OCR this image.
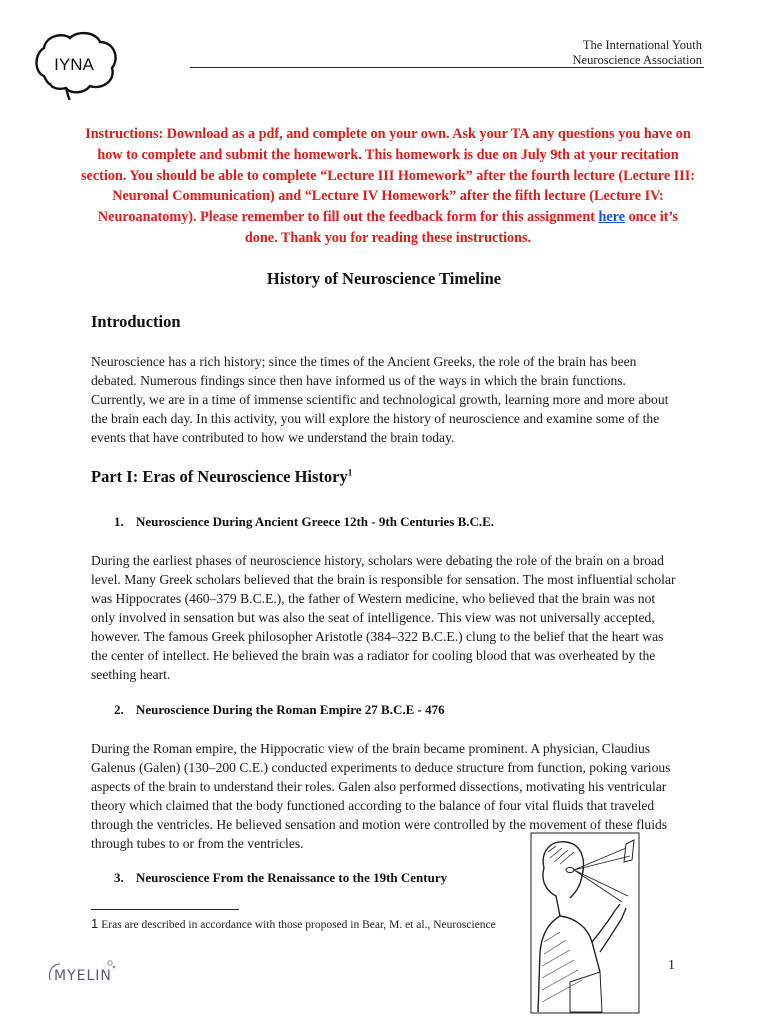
IYNA
The International Youth
Neuroscience Association
Instructions: Download as a pdf, and complete on your own. Ask your TA any questions you have on how to complete and submit the homework. This homework is due on July 9th at your recitation section. You should be able to complete “Lecture III Homework” after the fourth lecture (Lecture III: Neuronal Communication) and “Lecture IV Homework” after the fifth lecture (Lecture IV: Neuroanatomy). Please remember to fill out the feedback form for this assignment here once it’s done. Thank you for reading these instructions.
History of Neuroscience Timeline
Introduction
Neuroscience has a rich history; since the times of the Ancient Greeks, the role of the brain has been debated. Numerous findings since then have informed us of the ways in which the brain functions. Currently, we are in a time of immense scientific and technological growth, learning more and more about the brain each day. In this activity, you will explore the history of neuroscience and examine some of the events that have contributed to how we understand the brain today.
Part I: Eras of Neuroscience History$^1$
1. Neuroscience During Ancient Greece 12th - 9th Centuries B.C.E.
During the earliest phases of neuroscience history, scholars were debating the role of the brain on a broad level. Many Greek scholars believed that the brain is responsible for sensation. The most influential scholar was Hippocrates (460–379 B.C.E.), the father of Western medicine, who believed that the brain was not only involved in sensation but was also the seat of intelligence. This view was not universally accepted, however. The famous Greek philosopher Aristotle (384–322 B.C.E.) clung to the belief that the heart was the center of intellect. He believed the brain was a radiator for cooling blood that was overheated by the seething heart.
2. Neuroscience During the Roman Empire 27 B.C.E - 476
During the Roman empire, the Hippocratic view of the brain became prominent. A physician, Claudius Galenus (Galen) (130–200 C.E.) conducted experiments to deduce structure from function, poking various aspects of the brain to understand their roles. Galen also performed dissections, motivating his ventricular theory which claimed that the body functioned according to the balance of four vital fluids that traveled through the ventricles. He believed sensation and motion were controlled by the movement of these fluids through tubes to or from the ventricles.
3. Neuroscience From the Renaissance to the 19th Century
1 Eras are described in accordance with those proposed in Bear, M. et al., Neuroscience
MYELIN
1
